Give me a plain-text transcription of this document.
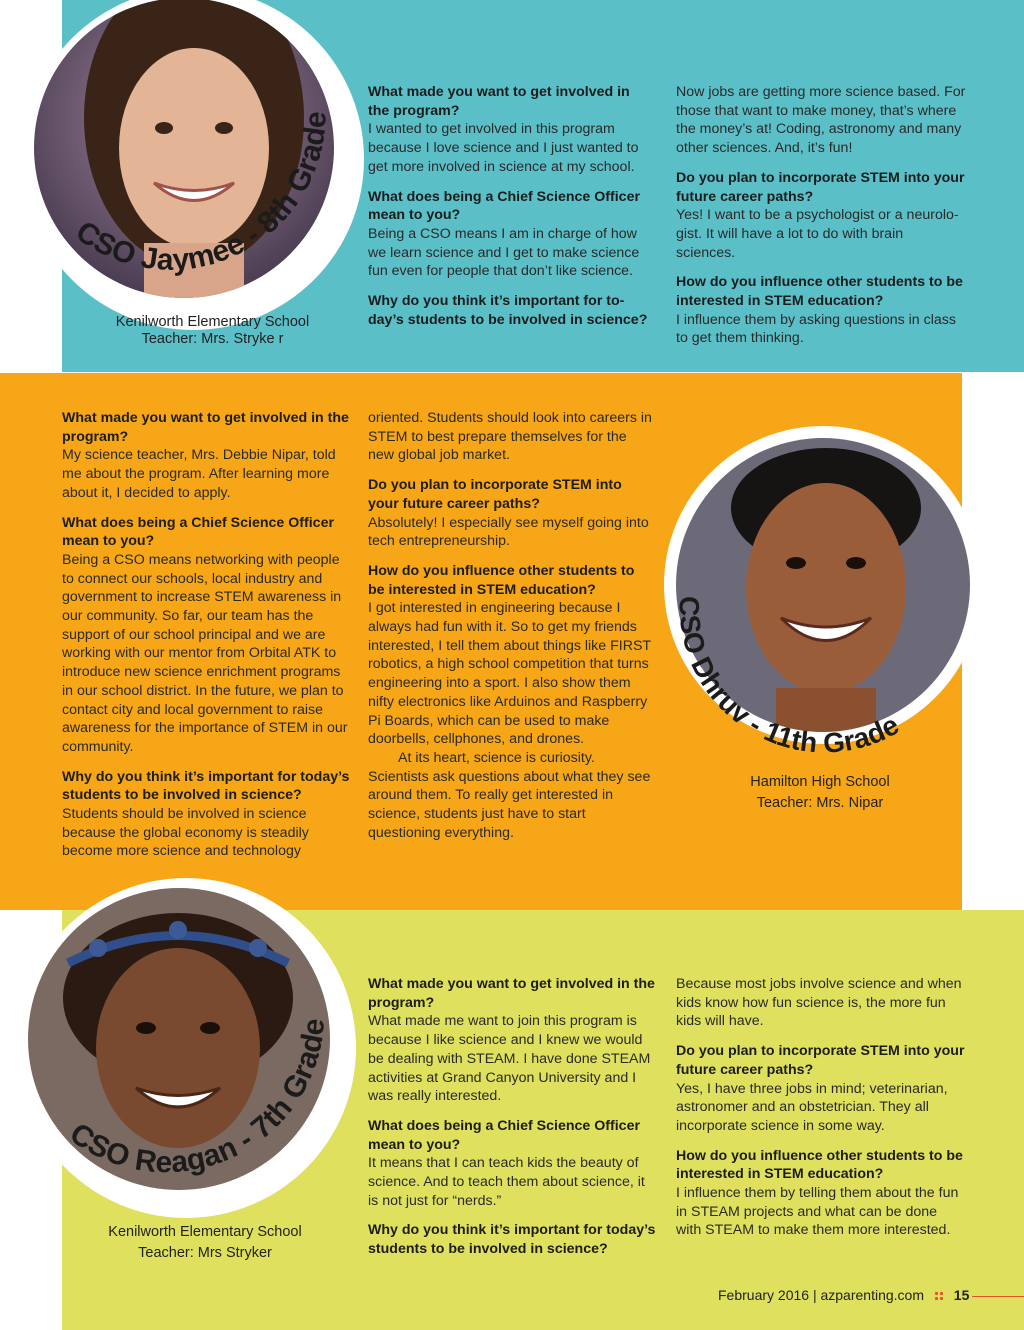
CSO Jaymee - 8th Grade
Kenilworth Elementary School
Teacher: Mrs. Stryke r

What made you want to get involved in the program?

I wanted to get involved in this program because I love science and I just wanted to get more involved in science at my school.

What does being a Chief Science Officer mean to you?

Being a CSO means I am in charge of how we learn science and I get to make science fun even for people that don’t like science.

Why do you think it’s important for to-day’s students to be involved in science?

Now jobs are getting more science based. For those that want to make money, that’s where the money’s at! Coding, astronomy and many other sciences. And, it’s fun!

Do you plan to incorporate STEM into your future career paths?

Yes! I want to be a psychologist or a neurolo-gist. It will have a lot to do with brain sciences.

How do you influence other students to be interested in STEM education?

I influence them by asking questions in class to get them thinking.

What made you want to get involved in the program?

My science teacher, Mrs. Debbie Nipar, told me about the program. After learning more about it, I decided to apply.

What does being a Chief Science Officer mean to you?

Being a CSO means networking with people to connect our schools, local industry and government to increase STEM awareness in our community. So far, our team has the support of our school principal and we are working with our mentor from Orbital ATK to introduce new science enrichment programs in our school district. In the future, we plan to contact city and local government to raise awareness for the importance of STEM in our community.

Why do you think it’s important for today’s students to be involved in science?

Students should be involved in science because the global economy is steadily become more science and technology

oriented. Students should look into careers in STEM to best prepare themselves for the new global job market.

Do you plan to incorporate STEM into your future career paths?

Absolutely! I especially see myself going into tech entrepreneurship.

How do you influence other students to be interested in STEM education?

I got interested in engineering because I always had fun with it. So to get my friends interested, I tell them about things like FIRST robotics, a high school competition that turns engineering into a sport. I also show them nifty electronics like Arduinos and Raspberry Pi Boards, which can be used to make doorbells, cellphones, and drones.

At its heart, science is curiosity. Scientists ask questions about what they see around them. To really get interested in science, students just have to start questioning everything.

CSO Dhruv - 11th Grade
Hamilton High School
Teacher: Mrs. Nipar
CSO Reagan - 7th Grade
Kenilworth Elementary School
Teacher: Mrs Stryker

What made you want to get involved in the program?

What made me want to join this program is because I like science and I knew we would be dealing with STEAM. I have done STEAM activities at Grand Canyon University and I was really interested.

What does being a Chief Science Officer mean to you?

It means that I can teach kids the beauty of science. And to teach them about science, it is not just for “nerds.”

Why do you think it’s important for today’s students to be involved in science?

Because most jobs involve science and when kids know how fun science is, the more fun kids will have.

Do you plan to incorporate STEM into your future career paths?

Yes, I have three jobs in mind; veterinarian, astronomer and an obstetrician. They all incorporate science in some way.

How do you influence other students to be interested in STEM education?

I influence them by telling them about the fun in STEAM projects and what can be done with STEAM to make them more interested.

February 2016 | azparenting.com 15
